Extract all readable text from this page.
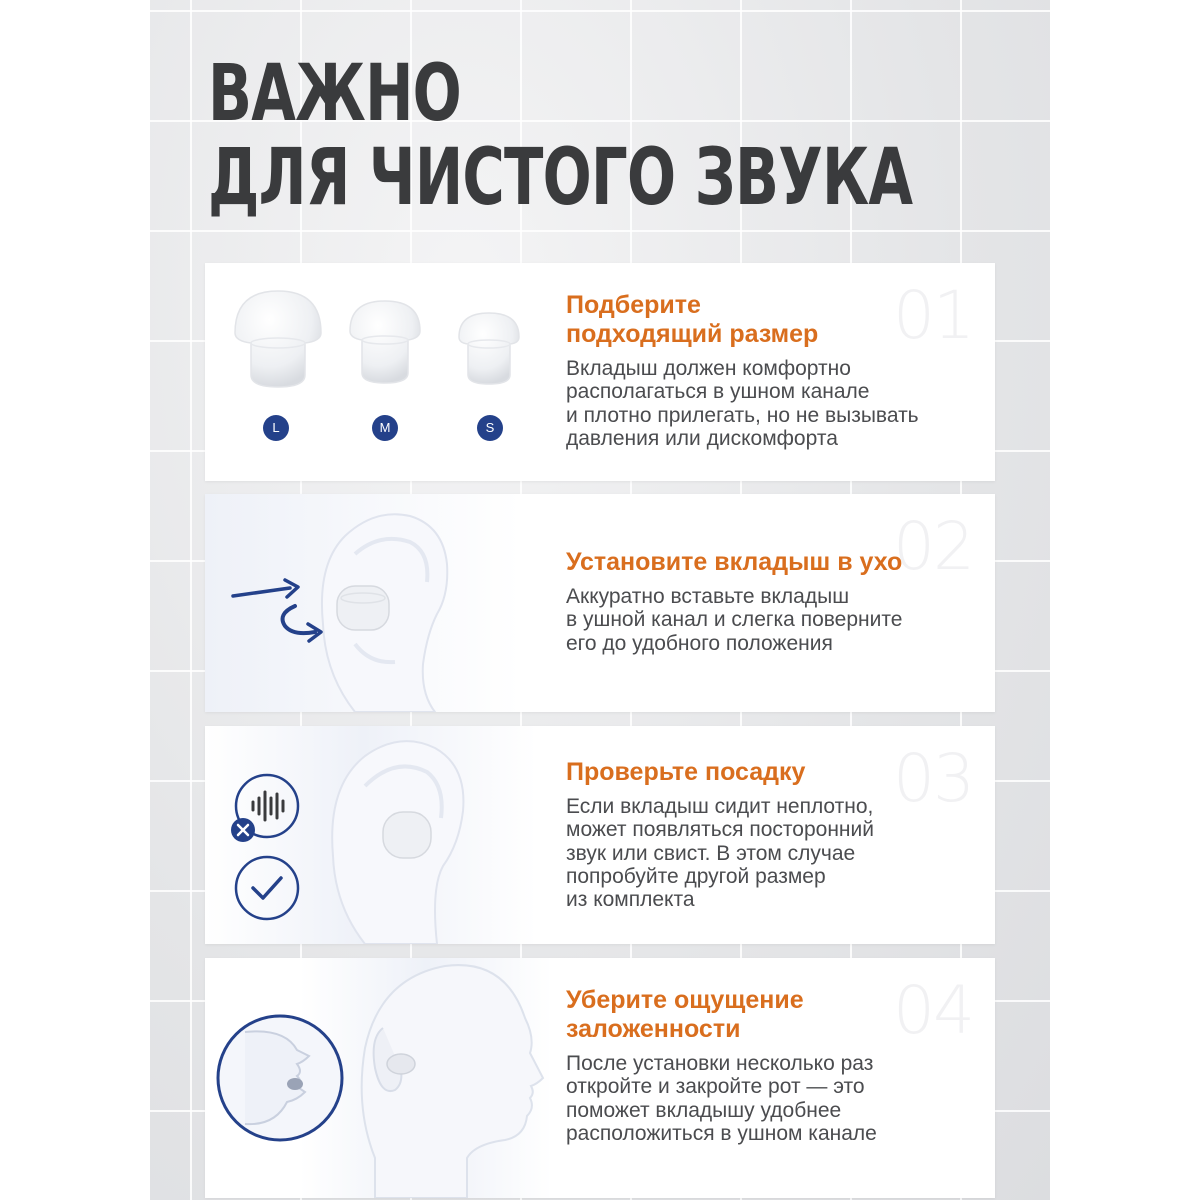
ВАЖНО
ДЛЯ ЧИСТОГО ЗВУКА
L	M	S
01
Подберите
подходящий размер
Вкладыш должен комфортно
располагаться в ушном канале
и плотно прилегать, но не вызывать
давления или дискомфорта
02
Установите вкладыш в ухо
Аккуратно вставьте вкладыш
в ушной канал и слегка поверните
его до удобного положения
03
Проверьте посадку
Если вкладыш сидит неплотно,
может появляться посторонний
звук или свист. В этом случае
попробуйте другой размер
из комплекта
04
Уберите ощущение
заложенности
После установки несколько раз
откройте и закройте рот — это
поможет вкладышу удобнее
расположиться в ушном канале
